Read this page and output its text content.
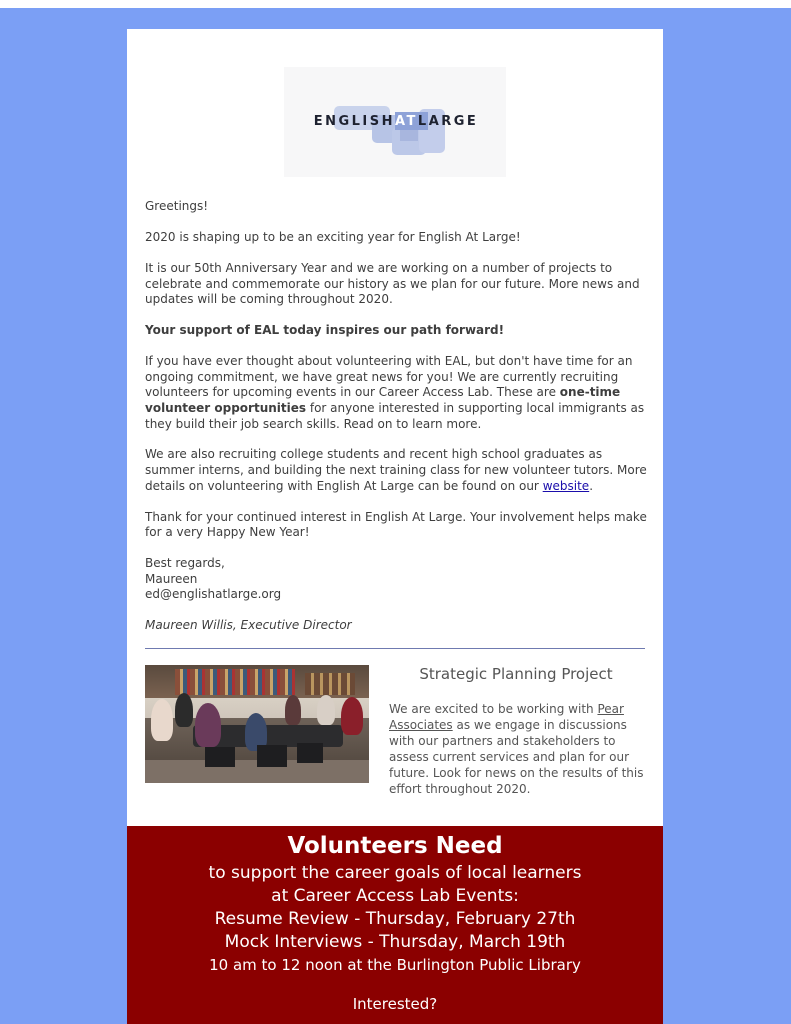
ENGLISHATLARGE

Greetings!

2020 is shaping up to be an exciting year for English At Large!

It is our 50th Anniversary Year and we are working on a number of projects to celebrate and commemorate our history as we plan for our future. More news and updates will be coming throughout 2020.

Your support of EAL today inspires our path forward!

If you have ever thought about volunteering with EAL, but don't have time for an ongoing commitment, we have great news for you! We are currently recruiting volunteers for upcoming events in our Career Access Lab. These are one-time volunteer opportunities for anyone interested in supporting local immigrants as they build their job search skills. Read on to learn more.

We are also recruiting college students and recent high school graduates as summer interns, and building the next training class for new volunteer tutors. More details on volunteering with English At Large can be found on our website.

Thank for your continued interest in English At Large. Your involvement helps make for a very Happy New Year!

Best regards,
Maureen
ed@englishatlarge.org

Maureen Willis, Executive Director

Strategic Planning Project
We are excited to be working with Pear Associates as we engage in discussions with our partners and stakeholders to assess current services and plan for our future. Look for news on the results of this effort throughout 2020.
Volunteers Need
to support the career goals of local learners
at Career Access Lab Events:
Resume Review - Thursday, February 27th
Mock Interviews - Thursday, March 19th
10 am to 12 noon at the Burlington Public Library
Interested?
